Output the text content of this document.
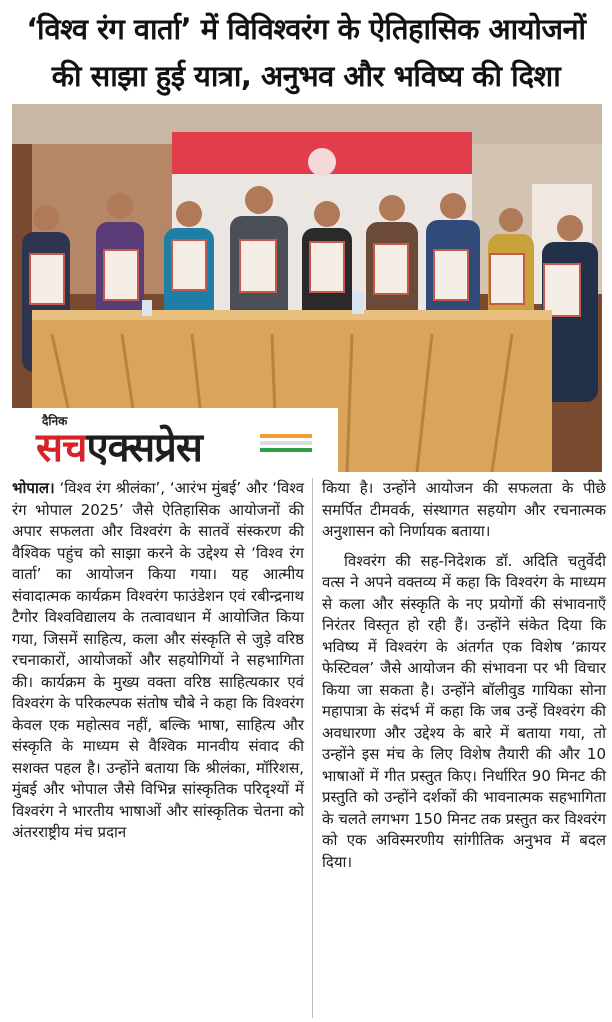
‘विश्व रंग वार्ता’ में विविश्वरंग के ऐतिहासिक आयोजनों
की साझा हुई यात्रा, अनुभव और भविष्य की दिशा
दैनिक
सचएक्सप्रेस

भोपाल। ‘विश्व रंग श्रीलंका’, ‘आरंभ मुंबई’ और ‘विश्व रंग भोपाल 2025’ जैसे ऐतिहासिक आयोजनों की अपार सफलता और विश्वरंग के सातवें संस्करण की वैश्विक पहुंच को साझा करने के उद्देश्य से ‘विश्व रंग वार्ता’ का आयोजन किया गया। यह आत्मीय संवादात्मक कार्यक्रम विश्वरंग फाउंडेशन एवं रबीन्द्रनाथ टैगोर विश्वविद्यालय के तत्वावधान में आयोजित किया गया, जिसमें साहित्य, कला और संस्कृति से जुड़े वरिष्ठ रचनाकारों, आयोजकों और सहयोगियों ने सहभागिता की। कार्यक्रम के मुख्य वक्ता वरिष्ठ साहित्यकार एवं विश्वरंग के परिकल्पक संतोष चौबे ने कहा कि विश्वरंग केवल एक महोत्सव नहीं, बल्कि भाषा, साहित्य और संस्कृति के माध्यम से वैश्विक मानवीय संवाद की सशक्त पहल है। उन्होंने बताया कि श्रीलंका, मॉरिशस, मुंबई और भोपाल जैसे विभिन्न सांस्कृतिक परिदृश्यों में विश्वरंग ने भारतीय भाषाओं और सांस्कृतिक चेतना को अंतरराष्ट्रीय मंच प्रदान

किया है। उन्होंने आयोजन की सफलता के पीछे समर्पित टीमवर्क, संस्थागत सहयोग और रचनात्मक अनुशासन को निर्णायक बताया।

विश्वरंग की सह-निदेशक डॉ. अदिति चतुर्वेदी वत्स ने अपने वक्तव्य में कहा कि विश्वरंग के माध्यम से कला और संस्कृति के नए प्रयोगों की संभावनाएँ निरंतर विस्तृत हो रही हैं। उन्होंने संकेत दिया कि भविष्य में विश्वरंग के अंतर्गत एक विशेष ‘क्रायर फेस्टिवल’ जैसे आयोजन की संभावना पर भी विचार किया जा सकता है। उन्होंने बॉलीवुड गायिका सोना महापात्रा के संदर्भ में कहा कि जब उन्हें विश्वरंग की अवधारणा और उद्देश्य के बारे में बताया गया, तो उन्होंने इस मंच के लिए विशेष तैयारी की और 10 भाषाओं में गीत प्रस्तुत किए। निर्धारित 90 मिनट की प्रस्तुति को उन्होंने दर्शकों की भावनात्मक सहभागिता के चलते लगभग 150 मिनट तक प्रस्तुत कर विश्वरंग को एक अविस्मरणीय सांगीतिक अनुभव में बदल दिया।
